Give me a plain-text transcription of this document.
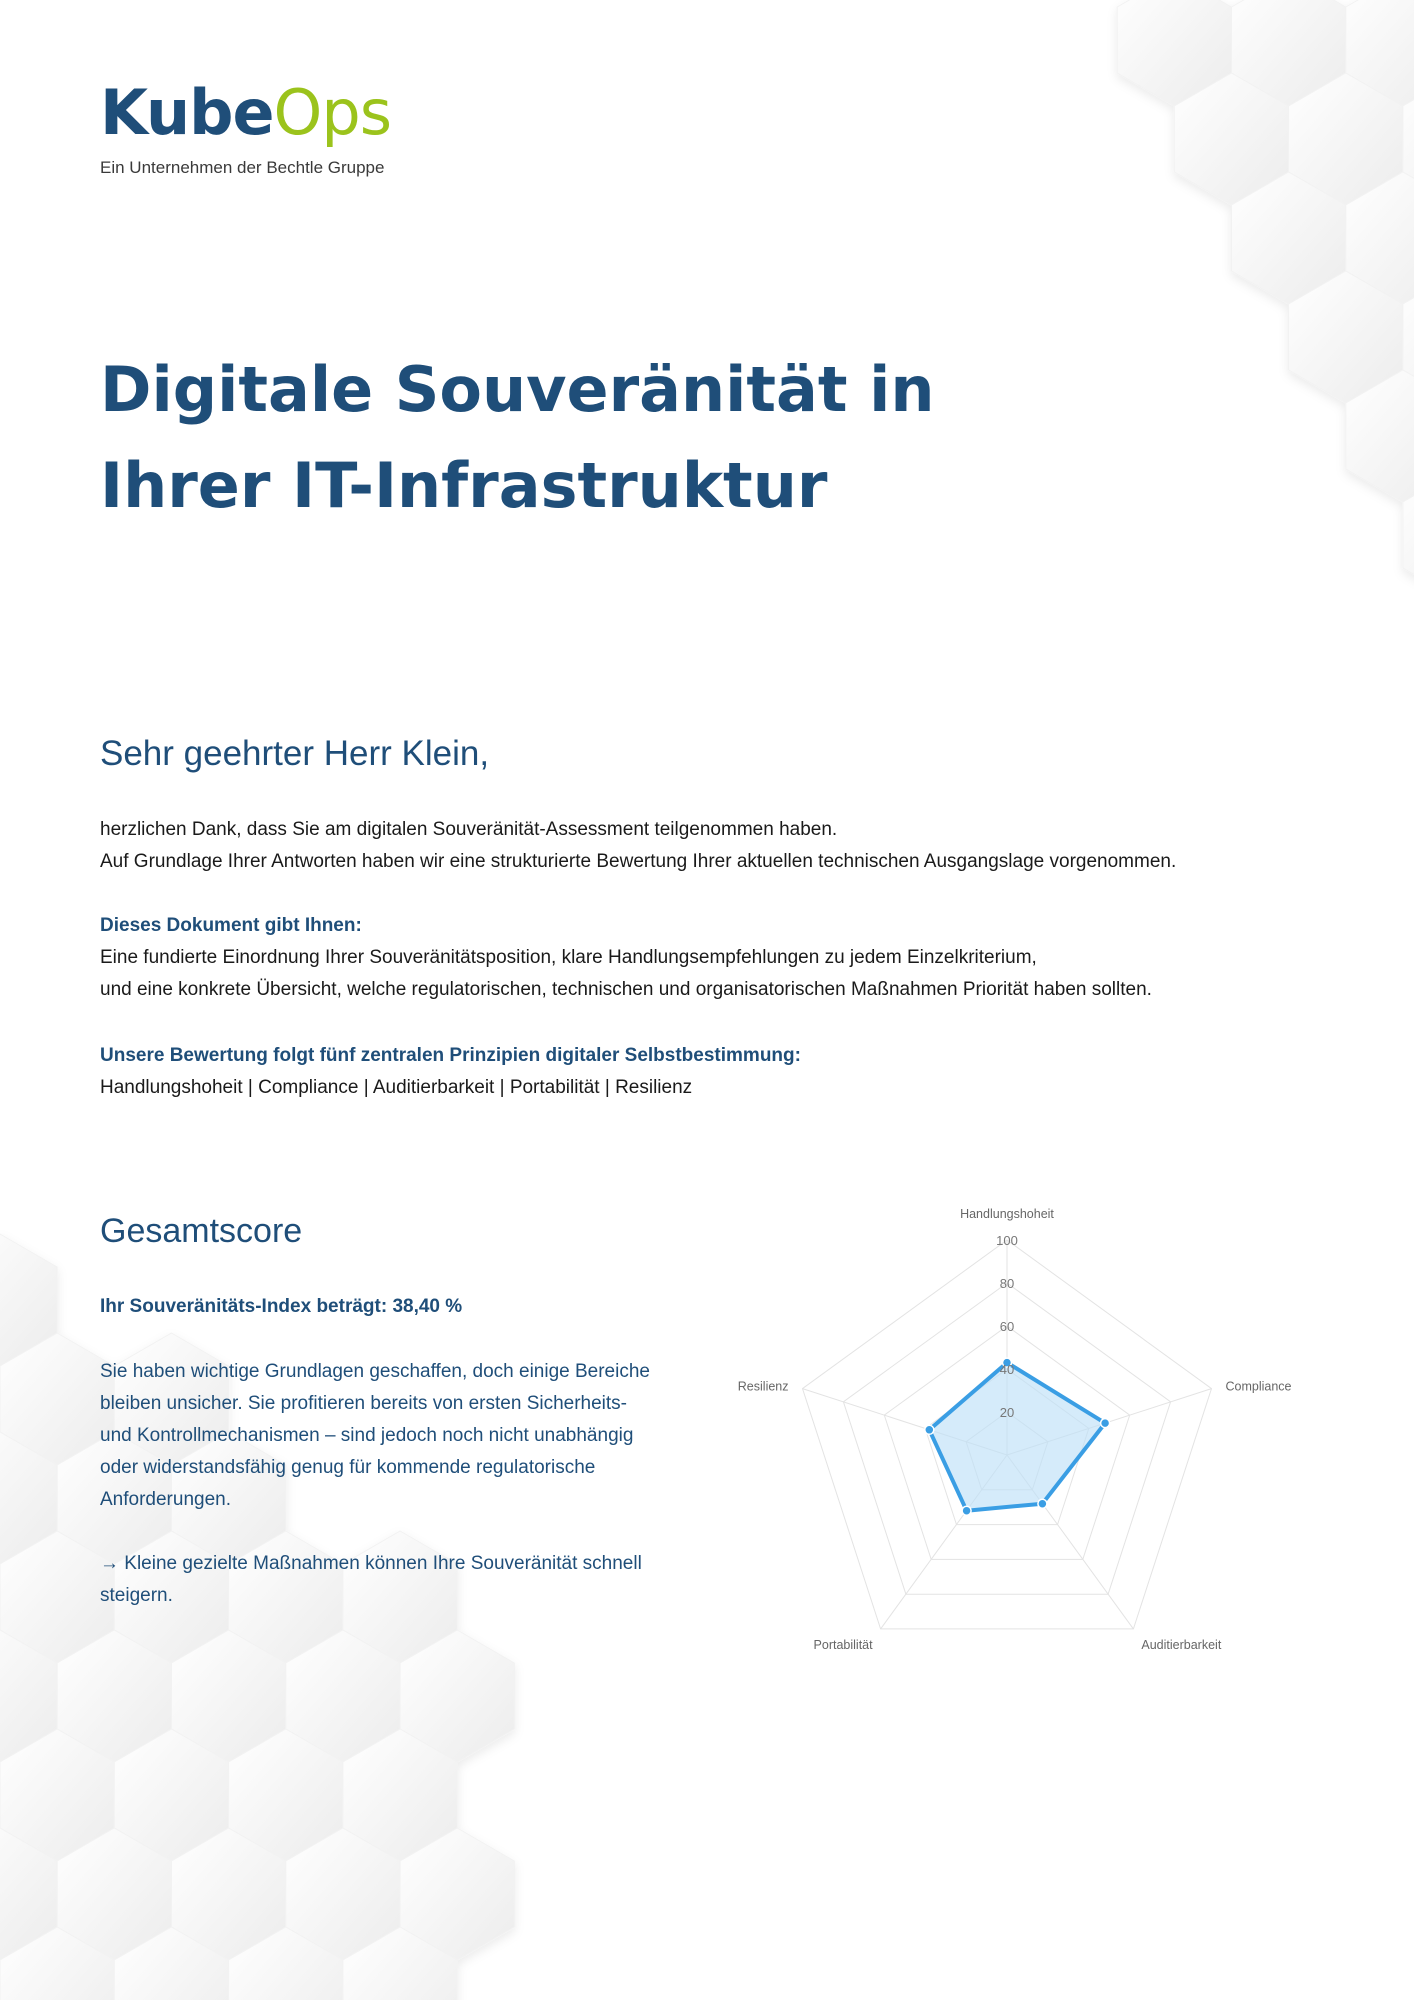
KubeOps
Ein Unternehmen der Bechtle Gruppe
Digitale Souveränität in Ihrer IT-Infrastruktur
Sehr geehrter Herr Klein,

herzlichen Dank, dass Sie am digitalen Souveränität-Assessment teilgenommen haben.

Auf Grundlage Ihrer Antworten haben wir eine strukturierte Bewertung Ihrer aktuellen technischen Ausgangslage vorgenommen.

Dieses Dokument gibt Ihnen:

Eine fundierte Einordnung Ihrer Souveränitätsposition, klare Handlungsempfehlungen zu jedem Einzelkriterium,

und eine konkrete Übersicht, welche regulatorischen, technischen und organisatorischen Maßnahmen Priorität haben sollten.

Unsere Bewertung folgt fünf zentralen Prinzipien digitaler Selbstbestimmung:

Handlungshoheit | Compliance | Auditierbarkeit | Portabilität | Resilienz

Gesamtscore
Ihr Souveränitäts-Index beträgt: 38,40 %
Sie haben wichtige Grundlagen geschaffen, doch einige Bereiche bleiben unsicher. Sie profitieren bereits von ersten Sicherheits- und Kontrollmechanismen – sind jedoch noch nicht unabhängig oder widerstandsfähig genug für kommende regulatorische Anforderungen.
→ Kleine gezielte Maßnahmen können Ihre Souveränität schnell steigern.
20
40
60
80
100
Handlungshoheit
Compliance
Auditierbarkeit
Portabilität
Resilienz
